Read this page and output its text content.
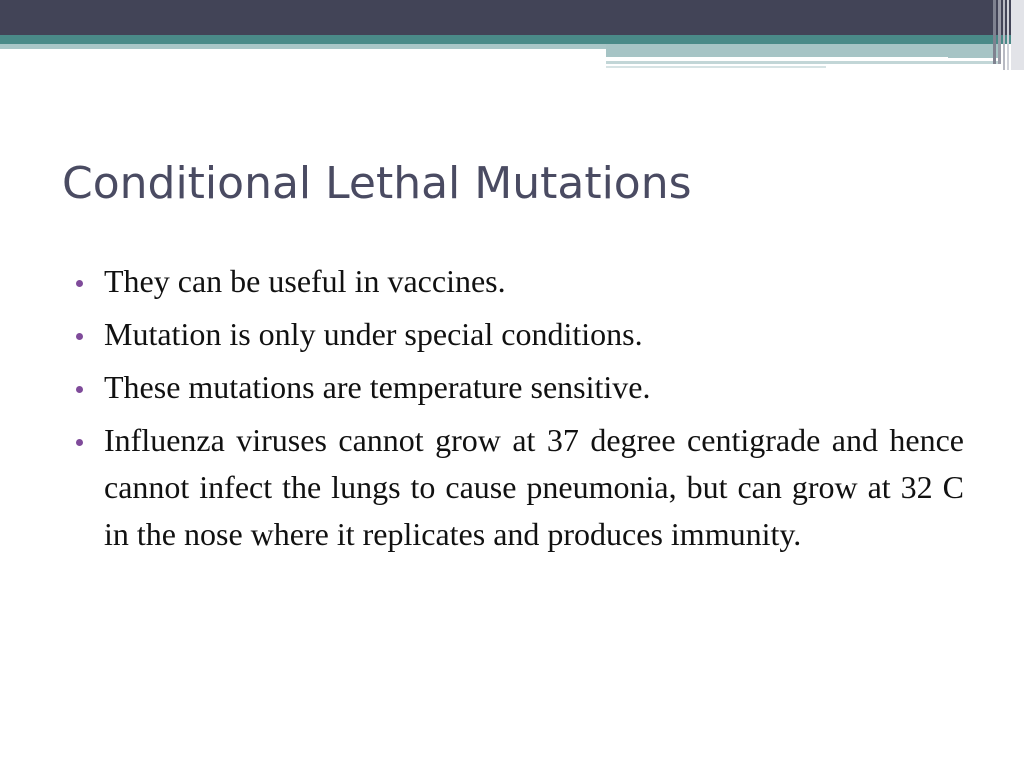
Conditional Lethal Mutations
They can be useful in vaccines.
Mutation is only under special conditions.
These mutations are temperature sensitive.
Influenza viruses cannot grow at 37 degree centigrade and hence cannot infect the lungs to cause pneumonia, but can grow at 32 C in the nose where it replicates and produces immunity.
